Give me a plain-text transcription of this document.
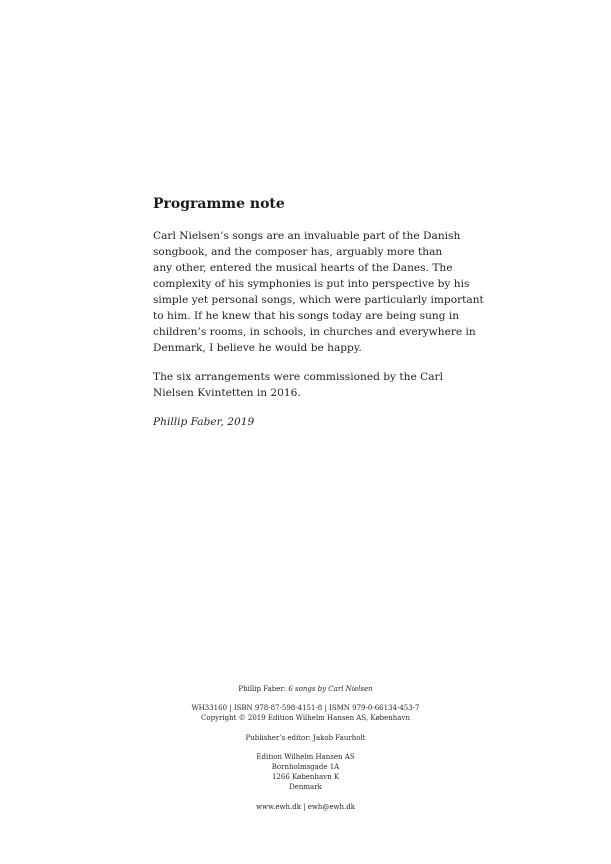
Programme note
Carl Nielsen’s songs are an invaluable part of the Danish
songbook, and the composer has, arguably more than
any other, entered the musical hearts of the Danes. The
complexity of his symphonies is put into perspective by his
simple yet personal songs, which were particularly important
to him. If he knew that his songs today are being sung in
children’s rooms, in schools, in churches and everywhere in
Denmark, I believe he would be happy.
The six arrangements were commissioned by the Carl
Nielsen Kvintetten in 2016.
Phillip Faber, 2019
Phillip Faber: 6 songs by Carl Nielsen
WH33160 | ISBN 978-87-598-4151-8 | ISMN 979-0-66134-453-7
Copyright © 2019 Edition Wilhelm Hansen AS, København
Publisher’s editor: Jakob Faurholt
Edition Wilhelm Hansen AS
Bornholmsgade 1A
1266 København K
Denmark
www.ewh.dk | ewh@ewh.dk
